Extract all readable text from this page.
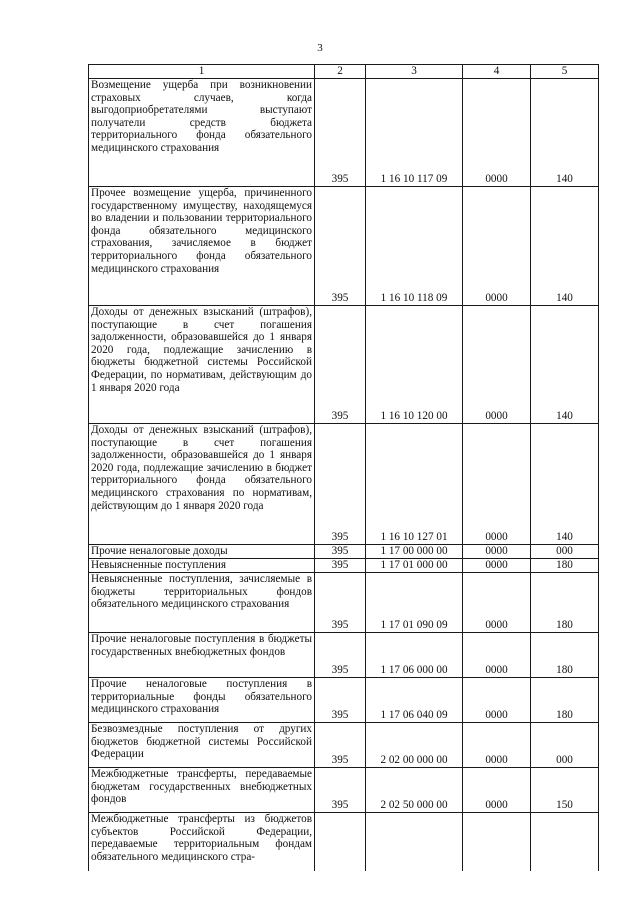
3
1	2	3	4	5
Возмещение ущерба при возникновении страховых случаев, когда выгодоприобретателями выступают получатели средств бюджета территориального фонда обязательного медицинского страхования	395	1 16 10 117 09	0000	140
Прочее возмещение ущерба, причиненного государственному имуществу, находящемуся во владении и пользовании территориального фонда обязательного медицинского страхования, зачисляемое в бюджет территориального фонда обязательного медицинского страхования	395	1 16 10 118 09	0000	140
Доходы от денежных взысканий (штрафов), поступающие в счет погашения задолженности, образовавшейся до 1 января 2020 года, подлежащие зачислению в бюджеты бюджетной системы Российской Федерации, по нормативам, действующим до 1 января 2020 года	395	1 16 10 120 00	0000	140
Доходы от денежных взысканий (штрафов), поступающие в счет погашения задолженности, образовавшейся до 1 января 2020 года, подлежащие зачислению в бюджет территориального фонда обязательного медицинского страхования по нормативам, действующим до 1 января 2020 года	395	1 16 10 127 01	0000	140
Прочие неналоговые доходы	395	1 17 00 000 00	0000	000
Невыясненные поступления	395	1 17 01 000 00	0000	180
Невыясненные поступления, зачисляемые в бюджеты территориальных фондов обязательного медицинского страхования	395	1 17 01 090 09	0000	180
Прочие неналоговые поступления в бюджеты государственных внебюджетных фондов	395	1 17 06 000 00	0000	180
Прочие неналоговые поступления в территориальные фонды обязательного медицинского страхования	395	1 17 06 040 09	0000	180
Безвозмездные поступления от других бюджетов бюджетной системы Российской Федерации	395	2 02 00 000 00	0000	000
Межбюджетные трансферты, передаваемые бюджетам государственных внебюджетных фондов	395	2 02 50 000 00	0000	150
Межбюджетные трансферты из бюджетов субъектов Российской Федерации, передаваемые территориальным фондам обязательного медицинского стра-				
